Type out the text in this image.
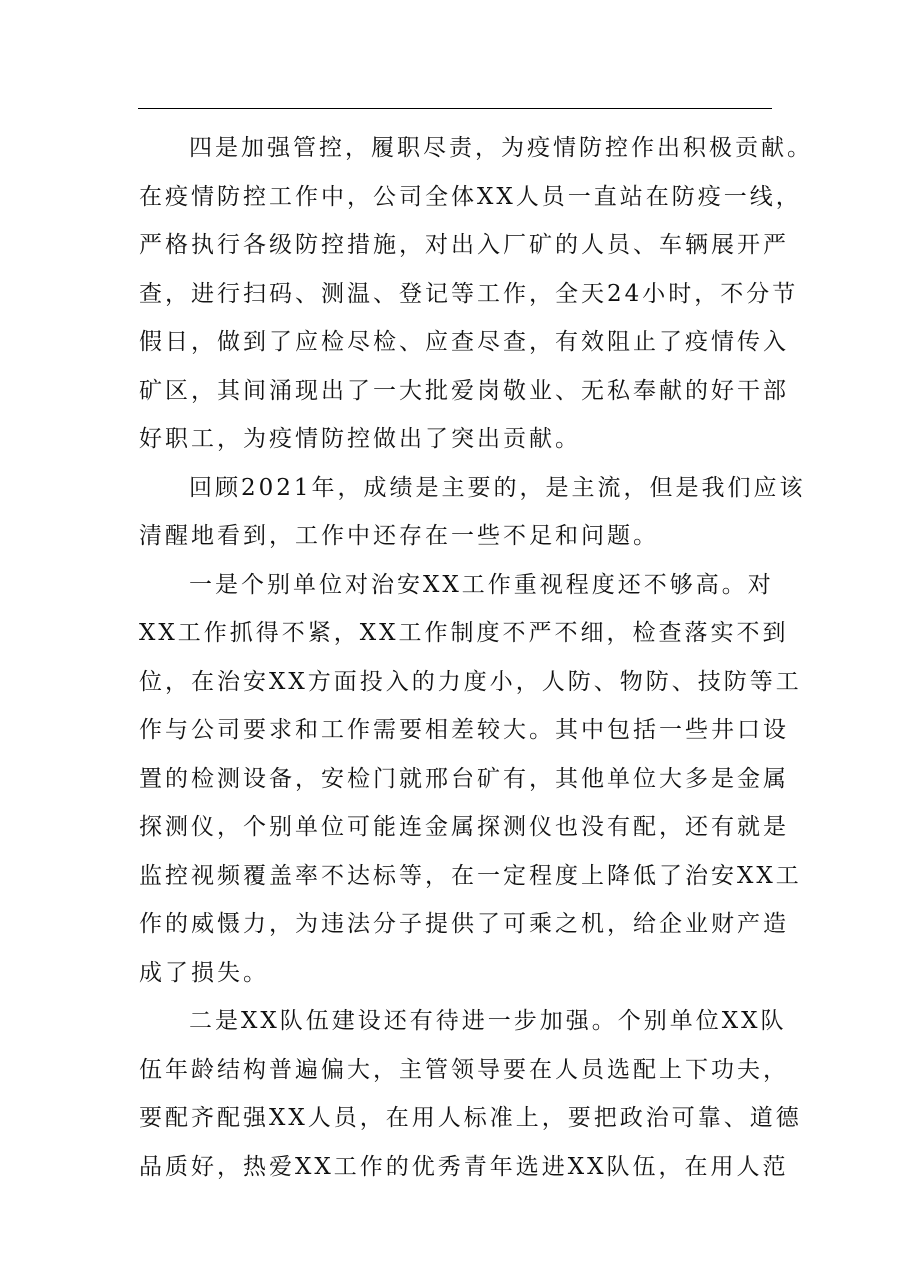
四是加强管控，履职尽责，为疫情防控作出积极贡献。
在疫情防控工作中，公司全体XX人员一直站在防疫一线，
严格执行各级防控措施，对出入厂矿的人员、车辆展开严
查，进行扫码、测温、登记等工作，全天24小时，不分节
假日，做到了应检尽检、应查尽查，有效阻止了疫情传入
矿区，其间涌现出了一大批爱岗敬业、无私奉献的好干部
好职工，为疫情防控做出了突出贡献。
回顾2021年，成绩是主要的，是主流，但是我们应该
清醒地看到，工作中还存在一些不足和问题。
一是个别单位对治安XX工作重视程度还不够高。对
XX工作抓得不紧，XX工作制度不严不细，检查落实不到
位，在治安XX方面投入的力度小，人防、物防、技防等工
作与公司要求和工作需要相差较大。其中包括一些井口设
置的检测设备，安检门就邢台矿有，其他单位大多是金属
探测仪，个别单位可能连金属探测仪也没有配，还有就是
监控视频覆盖率不达标等，在一定程度上降低了治安XX工
作的威慑力，为违法分子提供了可乘之机，给企业财产造
成了损失。
二是XX队伍建设还有待进一步加强。个别单位XX队
伍年龄结构普遍偏大，主管领导要在人员选配上下功夫，
要配齐配强XX人员，在用人标准上，要把政治可靠、道德
品质好，热爱XX工作的优秀青年选进XX队伍，在用人范
